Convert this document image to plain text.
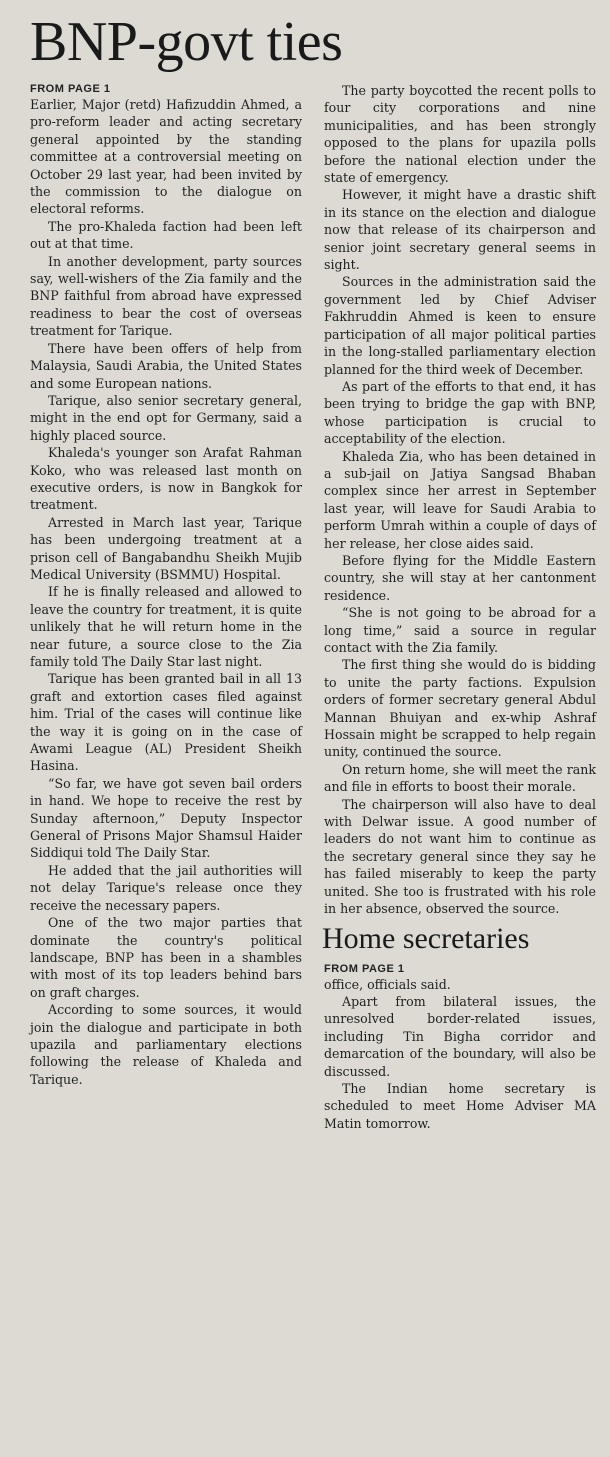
BNP-govt ties
FROM PAGE 1

Earlier, Major (retd) Hafizuddin Ahmed, a pro-reform leader and acting secretary general appointed by the standing committee at a controversial meeting on October 29 last year, had been invited by the commission to the dialogue on electoral reforms.

The pro-Khaleda faction had been left out at that time.

In another development, party sources say, well-wishers of the Zia family and the BNP faithful from abroad have expressed readiness to bear the cost of overseas treatment for Tarique.

There have been offers of help from Malaysia, Saudi Arabia, the United States and some European nations.

Tarique, also senior secretary general, might in the end opt for Germany, said a highly placed source.

Khaleda's younger son Arafat Rahman Koko, who was released last month on executive orders, is now in Bangkok for treatment.

Arrested in March last year, Tarique has been undergoing treatment at a prison cell of Bangabandhu Sheikh Mujib Medical University (BSMMU) Hospital.

If he is finally released and allowed to leave the country for treatment, it is quite unlikely that he will return home in the near future, a source close to the Zia family told The Daily Star last night.

Tarique has been granted bail in all 13 graft and extortion cases filed against him. Trial of the cases will continue like the way it is going on in the case of Awami League (AL) President Sheikh Hasina.

“So far, we have got seven bail orders in hand. We hope to receive the rest by Sunday afternoon,” Deputy Inspector General of Prisons Major Shamsul Haider Siddiqui told The Daily Star.

He added that the jail authorities will not delay Tarique's release once they receive the necessary papers.

One of the two major parties that dominate the country's political landscape, BNP has been in a shambles with most of its top leaders behind bars on graft charges.

According to some sources, it would join the dialogue and participate in both upazila and parliamentary elections following the release of Khaleda and Tarique.

The party boycotted the recent polls to four city corporations and nine municipalities, and has been strongly opposed to the plans for upazila polls before the national election under the state of emergency.

However, it might have a drastic shift in its stance on the election and dialogue now that release of its chairperson and senior joint secretary general seems in sight.

Sources in the administration said the government led by Chief Adviser Fakhruddin Ahmed is keen to ensure participation of all major political parties in the long-stalled parliamentary election planned for the third week of December.

As part of the efforts to that end, it has been trying to bridge the gap with BNP, whose participation is crucial to acceptability of the election.

Khaleda Zia, who has been detained in a sub-jail on Jatiya Sangsad Bhaban complex since her arrest in September last year, will leave for Saudi Arabia to perform Umrah within a couple of days of her release, her close aides said.

Before flying for the Middle Eastern country, she will stay at her cantonment residence.

“She is not going to be abroad for a long time,” said a source in regular contact with the Zia family.

The first thing she would do is bidding to unite the party factions. Expulsion orders of former secretary general Abdul Mannan Bhuiyan and ex-whip Ashraf Hossain might be scrapped to help regain unity, continued the source.

On return home, she will meet the rank and file in efforts to boost their morale.

The chairperson will also have to deal with Delwar issue. A good number of leaders do not want him to continue as the secretary general since they say he has failed miserably to keep the party united. She too is frustrated with his role in her absence, observed the source.

Home secretaries
FROM PAGE 1

office, officials said.

Apart from bilateral issues, the unresolved border-related issues, including Tin Bigha corridor and demarcation of the boundary, will also be discussed.

The Indian home secretary is scheduled to meet Home Adviser MA Matin tomorrow.
